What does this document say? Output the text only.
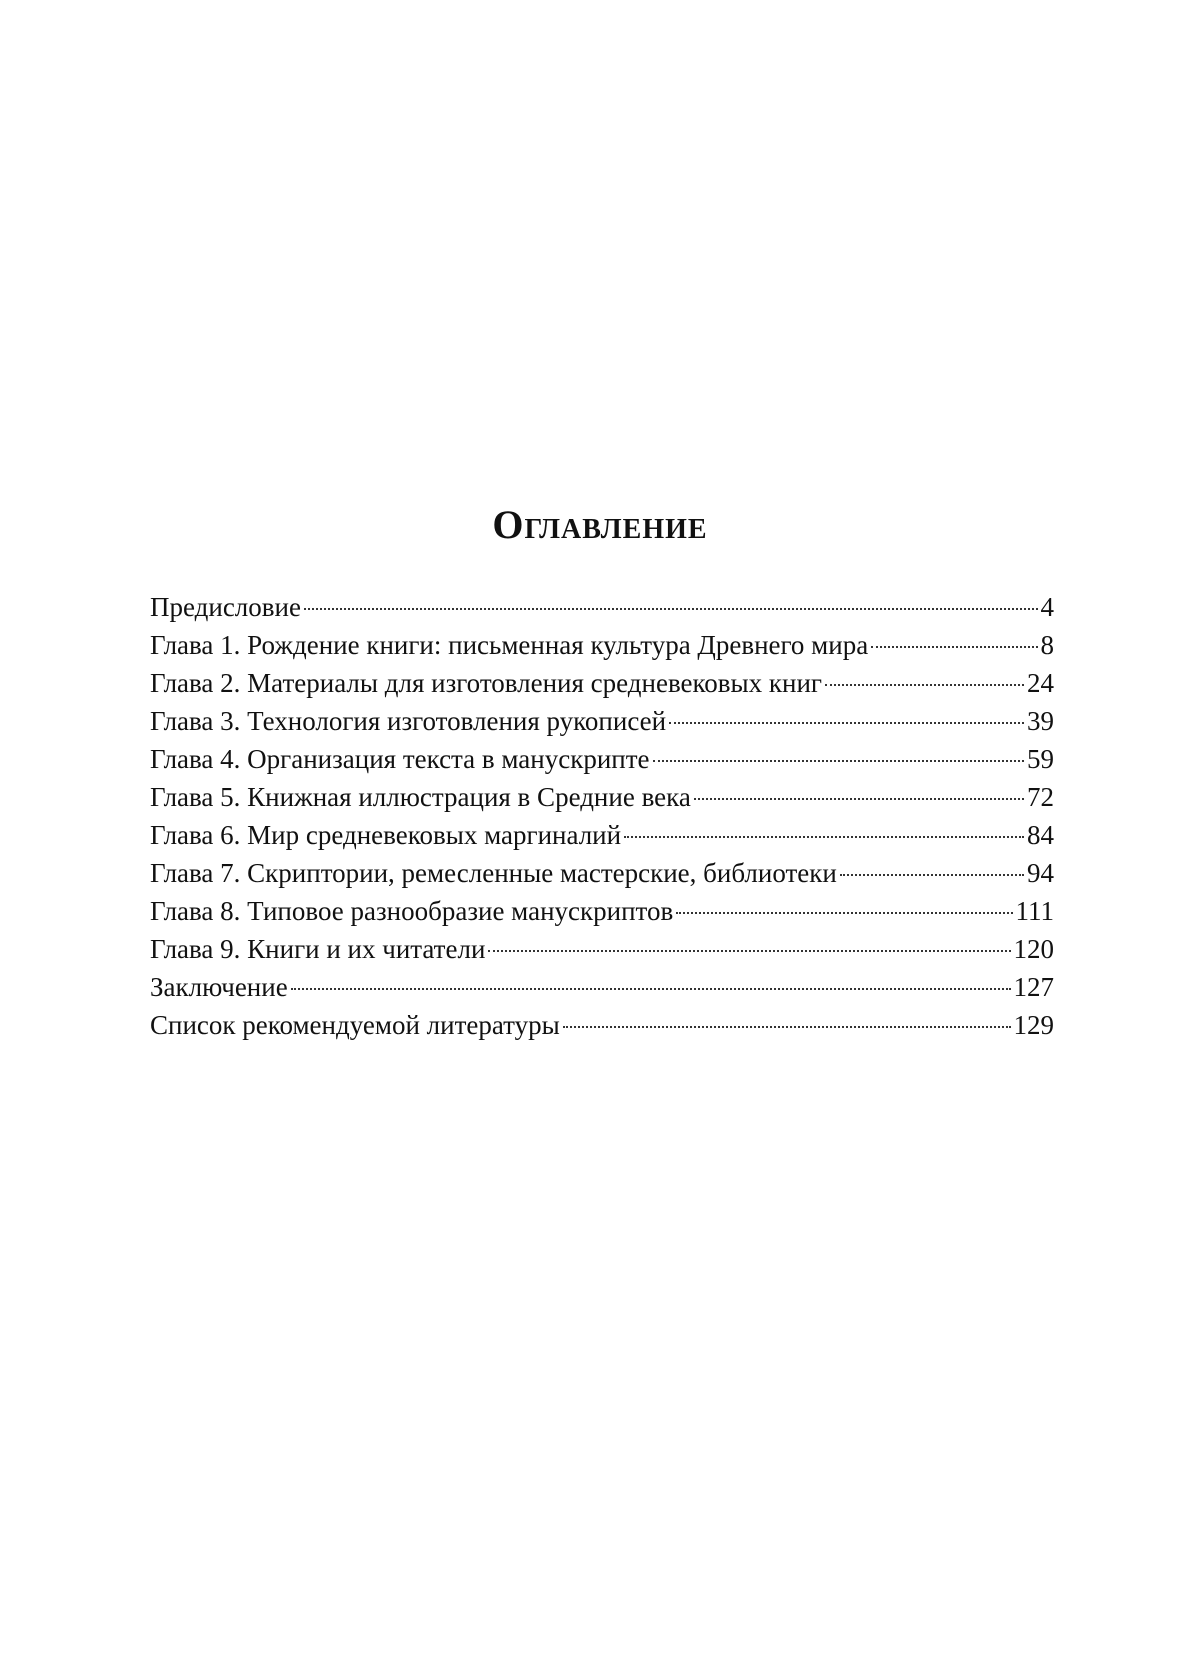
Оглавление
Предисловие	4
Глава 1. Рождение книги: письменная культура Древнего мира	8
Глава 2. Материалы для изготовления средневековых книг	24
Глава 3. Технология изготовления рукописей	39
Глава 4. Организация текста в манускрипте	59
Глава 5. Книжная иллюстрация в Средние века	72
Глава 6. Мир средневековых маргиналий	84
Глава 7. Скриптории, ремесленные мастерские, библиотеки	94
Глава 8. Типовое разнообразие манускриптов	111
Глава 9. Книги и их читатели	120
Заключение	127
Список рекомендуемой литературы	129
